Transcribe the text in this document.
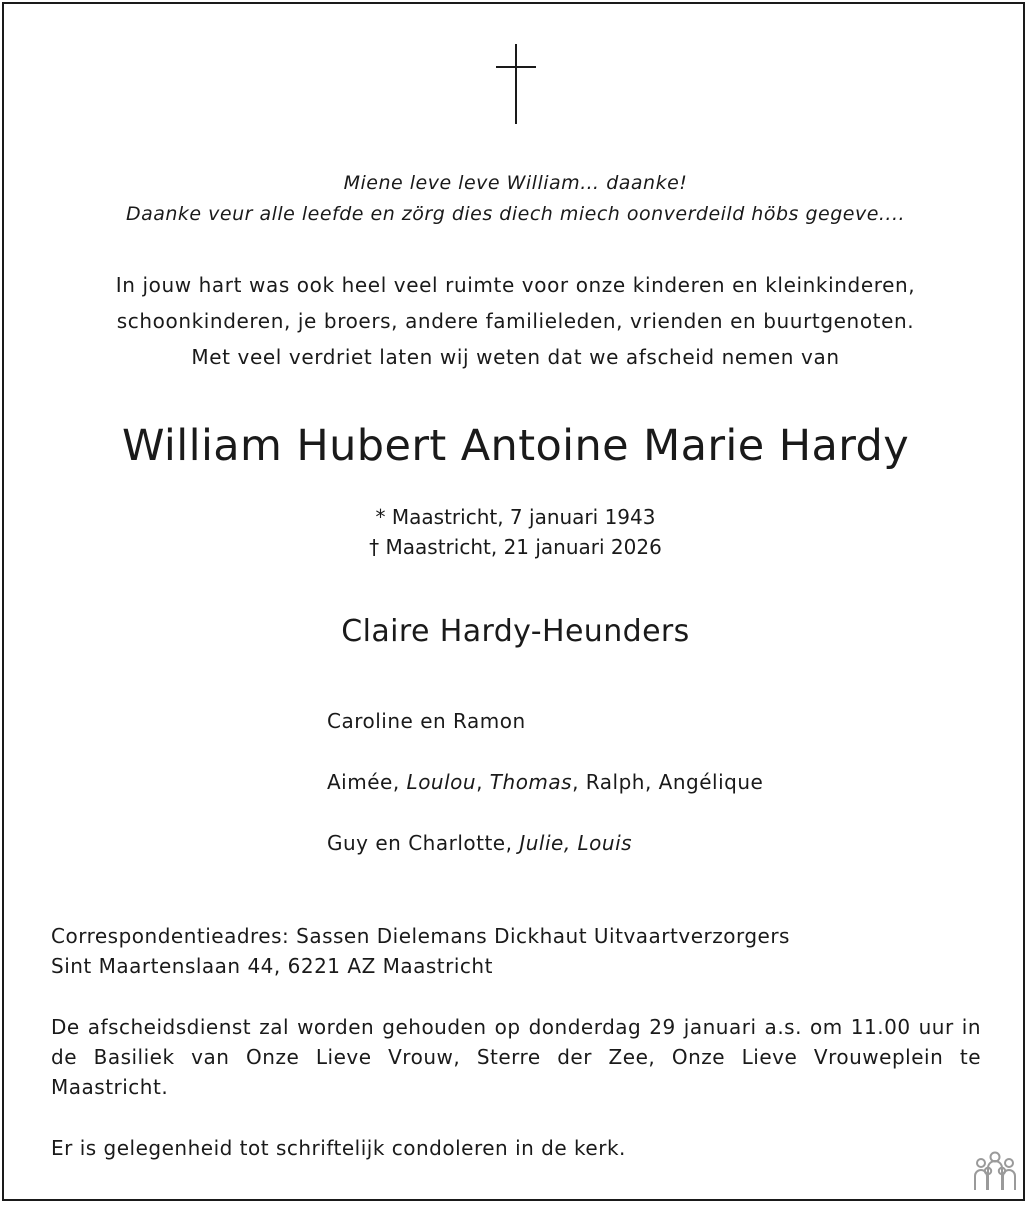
Miene leve leve William… daanke!
Daanke veur alle leefde en zörg dies diech miech oonverdeild höbs gegeve....
In jouw hart was ook heel veel ruimte voor onze kinderen en kleinkinderen,
schoonkinderen, je broers, andere familieleden, vrienden en buurtgenoten.
Met veel verdriet laten wij weten dat we afscheid nemen van
William Hubert Antoine Marie Hardy
* Maastricht, 7 januari 1943
† Maastricht, 21 januari 2026
Claire Hardy-Heunders
Caroline en Ramon
Aimée, Loulou, Thomas, Ralph, Angélique
Guy en Charlotte, Julie, Louis
Correspondentieadres: Sassen Dielemans Dickhaut Uitvaartverzorgers
Sint Maartenslaan 44, 6221 AZ Maastricht
De afscheidsdienst zal worden gehouden op donderdag 29 januari a.s. om 11.00 uur in de Basiliek van Onze Lieve Vrouw, Sterre der Zee, Onze Lieve Vrouweplein te Maastricht.
Er is gelegenheid tot schriftelijk condoleren in de kerk.
